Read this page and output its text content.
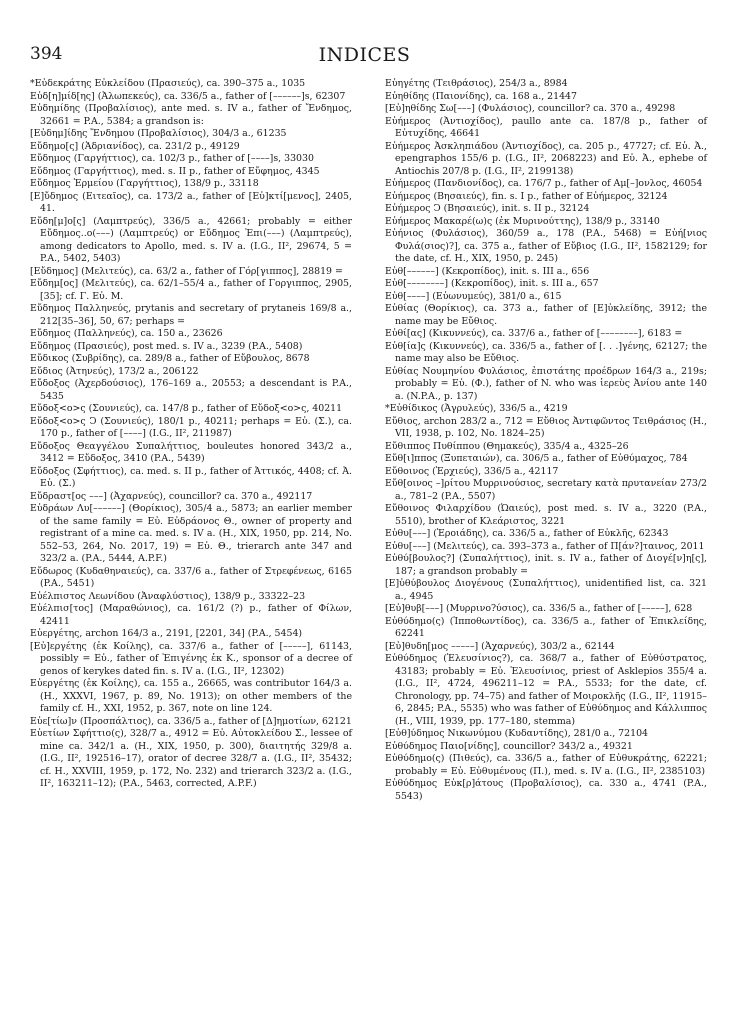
394	INDICES
*Εὐδεκράτης Εὐκλείδου (Πρασιεύς), ca. 390–375 a., 1035
Εὐδ[η]μίδ[ης] (Ἀλωπεκεύς), ca. 336/5 a., father of [––––––]s, 62307
Εὐδημίδης (Προβαλίσιος), ante med. s. IV a., father of Ἔνδημος, 32661 = P.A., 5384; a grandson is:
[Εὐδημ]ίδης Ἔνδημου (Προβαλίσιος), 304/3 a., 61235
Εὔδημο[ς] (Ἁδριανίδος), ca. 231/2 p., 49129
Εὔδημος (Γαργήττιος), ca. 102/3 p., father of [––––]s, 33030
Εὔδημος (Γαργήττιος), med. s. II p., father of Εὔφημος, 4345
Εὔδημος Ἑρμείου (Γαργήττιος), 138/9 p., 33118
[Ε]ὔδημος (Ειτεαῖος), ca. 173/2 a., father of [Εὐ]κτί[μενος], 2405, 41.
Εὔδη[μ]ο[ς] (Λαμπτρεύς), 336/5 a., 42661; probably = either Εὔδημος..ο(–––) (Λαμπτρεύς) or Εὔδημος Ἐπι(–––) (Λαμπτρεύς), among dedicators to Apollo, med. s. IV a. (I.G., II², 29674, 5 = P.A., 5402, 5403)
[Εὔδημος] (Μελιτεύς), ca. 63/2 a., father of Γόρ[γιππος], 28819 =
Εὔδημ[ος] (Μελιτεύς), ca. 62/1–55/4 a., father of Γοργιππος, 2905, [35]; cf. Γ. Εὐ. Μ.
Εὔδημος Παλληνεύς, prytanis and secretary of prytaneis 169/8 a., 212[35–36], 50, 67; perhaps =
Εὔδημος (Παλληνεύς), ca. 150 a., 23626
Εὔδημος (Πρασιεύς), post med. s. IV a., 3239 (P.A., 5408)
Εὔδικος (Συβρίδης), ca. 289/8 a., father of Εὔβουλος, 8678
Εὔδιος (Ἀτηνεύς), 173/2 a., 206122
Εὔδοξος (Ἀχερδούσιος), 176–169 a., 20553; a descendant is P.A., 5435
Εὔδοξ<ο>ς (Σουνιεύς), ca. 147/8 p., father of Εὔδοξ<ο>ς, 40211
Εὔδοξ<ο>ς Ͻ (Σουνιεύς), 180/1 p., 40211; perhaps = Εὐ. (Σ.), ca. 170 p., father of [––––] (I.G., II², 211987)
Εὔδοξος Θεαγγέλου Συπαλήττιος, bouleutes honored 343/2 a., 3412 = Εὔδοξος, 3410 (P.A., 5439)
Εὔδοξος (Σφήττιος), ca. med. s. II p., father of Ἀττικός, 4408; cf. Ἀ. Εὐ. (Σ.)
Εὔδραστ[ος –––] (Ἀχαρνεύς), councillor? ca. 370 a., 492117
Εὐδράων Λυ[––––––] (Θορίκιος), 305/4 a., 5873; an earlier member of the same family = Εὐ. Εὐδράονος Θ., owner of property and registrant of a mine ca. med. s. IV a. (H., XIX, 1950, pp. 214, No. 552–53, 264, No. 2017, 19) = Εὐ. Θ., trierarch ante 347 and 323/2 a. (P.A., 5444, A.P.F.)
Εὔδωρος (Κυδαθηναιεύς), ca. 337/6 a., father of Στρεφένεως, 6165 (P.A., 5451)
Εὐέλπιστος Λεωνίδου (Ἀναφλύστιος), 138/9 p., 33322–23
Εὐέλπισ[τος] (Μαραθώνιος), ca. 161/2 (?) p., father of Φίλων, 42411
Εὐεργέτης, archon 164/3 a., 2191, [2201, 34] (P.A., 5454)
[Εὐ]εργέτης (ἐκ Κοίλης), ca. 337/6 a., father of [–––––], 61143, possibly = Εὐ., father of Ἐπιγένης ἐκ Κ., sponsor of a decree of genos of kerykes dated fin. s. IV a. (I.G., II², 12302)
Εὐεργέτης (ἐκ Κοίλης), ca. 155 a., 26665, was contributor 164/3 a. (H., XXXVI, 1967, p. 89, No. 1913); on other members of the family cf. H., XXI, 1952, p. 367, note on line 124.
Εὐε[τίω]ν (Προσπάλτιος), ca. 336/5 a., father of [Δ]ημοτίων, 62121
Εὐετίων Σφήττιο(ς), 328/7 a., 4912 = Εὐ. Αὐτοκλείδου Σ., lessee of mine ca. 342/1 a. (H., XIX, 1950, p. 300), διαιτητής 329/8 a. (I.G., II², 192516–17), orator of decree 328/7 a. (I.G., II², 35432; cf. H., XXVIII, 1959, p. 172, No. 232) and trierarch 323/2 a. (I.G., II², 163211–12); (P.A., 5463, corrected, A.P.F.)
Εὐηγέτης (Τειθράσιος), 254/3 a., 8984
Εὐηθίδης (Παιονίδης), ca. 168 a., 21447
[Εὐ]ηθίδης Σω[–––] (Φυλάσιος), councillor? ca. 370 a., 49298
Εὐήμερος (Ἀντιοχίδος), paullo ante ca. 187/8 p., father of Εὐτυχίδης, 46641
Εὐήμερος Ἀσκληπιάδου (Ἀντιοχίδος), ca. 205 p., 47727; cf. Εὐ. Ἀ., epengraphos 155/6 p. (I.G., II², 2068223) and Εὐ. Ἀ., ephebe of Antiochis 207/8 p. (I.G., II², 2199138)
Εὐήμερος (Πανδιονίδος), ca. 176/7 p., father of Αμ[–]ονλος, 46054
Εὐήμερος (Βησαιεύς), fin. s. I p., father of Εὐήμερος, 32124
Εὐήμερος Ͻ (Βησαιεύς), init. s. II p., 32124
Εὐήμερος Μακαρέ(ω)ς (ἐκ Μυρινούττης), 138/9 p., 33140
Εὐήνιος (Φυλάσιος), 360/59 a., 178 (P.A., 5468) = Εὐή[νιος Φυλά(σιος)?], ca. 375 a., father of Εὔβιος (I.G., II², 1582129; for the date, cf. H., XIX, 1950, p. 245)
Εὐθ[––––––] (Κεκροπίδος), init. s. III a., 656
Εὐθ[––––––––] (Κεκροπίδος), init. s. III a., 657
Εὐθ[––––] (Εὐωνυμεύς), 381/0 a., 615
Εὐθίας (Θορίκιος), ca. 373 a., father of [Ε]ὐκλείδης, 3912; the name may be Εὔθιος.
Εὐθί[ας] (Κικυννεύς), ca. 337/6 a., father of [––––––––], 6183 =
Εὐθ[ία]ς (Κικυννεύς), ca. 336/5 a., father of [. . .]γένης, 62127; the name may also be Εὔθιος.
Εὐθίας Νουμηνίου Φυλάσιος, ἐπιστάτης προέδρων 164/3 a., 219s; probably = Εὐ. (Φ.), father of N. who was ἱερεὺς Ἀνίου ante 140 a. (N.P.A., p. 137)
*Εὐθίδικος (Ἀγρυλεύς), 336/5 a., 4219
Εὔθιος, archon 283/2 a., 712 = Εὔθιος Ἀντιφῶντος Τειθράσιος (H., VII, 1938, p. 102, No. 1824–25)
Εὔθιππος Πυθίππου (Θημακεύς), 335/4 a., 4325–26
Εὔθ[ι]ππος (Ξυπεταιών), ca. 306/5 a., father of Εὐθύμαχος, 784
Εὔθοινος (Ἐρχιεύς), 336/5 a., 42117
Εὔθ[οινος –]ρίτου Μυρρινούσιος, secretary κατὰ πρυτανείαν 273/2 a., 781–2 (P.A., 5507)
Εὔθοινος Φιλαρχίδου (Ὠαιεύς), post med. s. IV a., 3220 (P.A., 5510), brother of Κλεάριστος, 3221
Εὐθυ[–––] (Ἐροιάδης), ca. 336/5 a., father of Εὐκλῆς, 62343
Εὐθυ[–––] (Μελιτεύς), ca. 393–373 a., father of Π[άν?]ταινος, 2011
Εὐθύ[βουλος?] (Συπαλήττιος), init. s. IV a., father of Διογέ[ν]η[ς], 187; a grandson probably =
[Ε]ὐθύβουλος Διογένους (Συπαλήττιος), unidentified list, ca. 321 a., 4945
[Εὐ]θυβ[–––] (Μυρρινο?ύσιος), ca. 336/5 a., father of [–––––], 628
Εὐθύδημο(ς) (Ἱπποθωντίδος), ca. 336/5 a., father of Ἐπικλείδης, 62241
[Εὐ]θυδη[μος –––––] (Ἀχαρνεύς), 303/2 a., 62144
Εὐθύδημος (Ἐλευσίνιος?), ca. 368/7 a., father of Εὐθύστρατος, 43183; probably = Εὐ. Ἐλευσίνιος, priest of Asklepios 355/4 a. (I.G., II², 4724, 496211–12 = P.A., 5533; for the date, cf. Chronology, pp. 74–75) and father of Μοιροκλῆς (I.G., II², 11915–6, 2845; P.A., 5535) who was father of Εὐθύδημος and Κάλλιππος (H., VIII, 1939, pp. 177–180, stemma)
[Εὐθ]ύδημος Νικωνύμου (Κυδαντίδης), 281/0 a., 72104
Εὐθύδημος Παιο[νίδης], councillor? 343/2 a., 49321
Εὐθύδημο(ς) (Πιθεύς), ca. 336/5 a., father of Εὐθυκράτης, 62221; probably = Εὐ. Εὐθυμένους (Π.), med. s. IV a. (I.G., II², 2385103)
Εὐθύδημος Εὐκ[ρ]άτους (Προβαλίσιος), ca. 330 a., 4741 (P.A., 5543)
